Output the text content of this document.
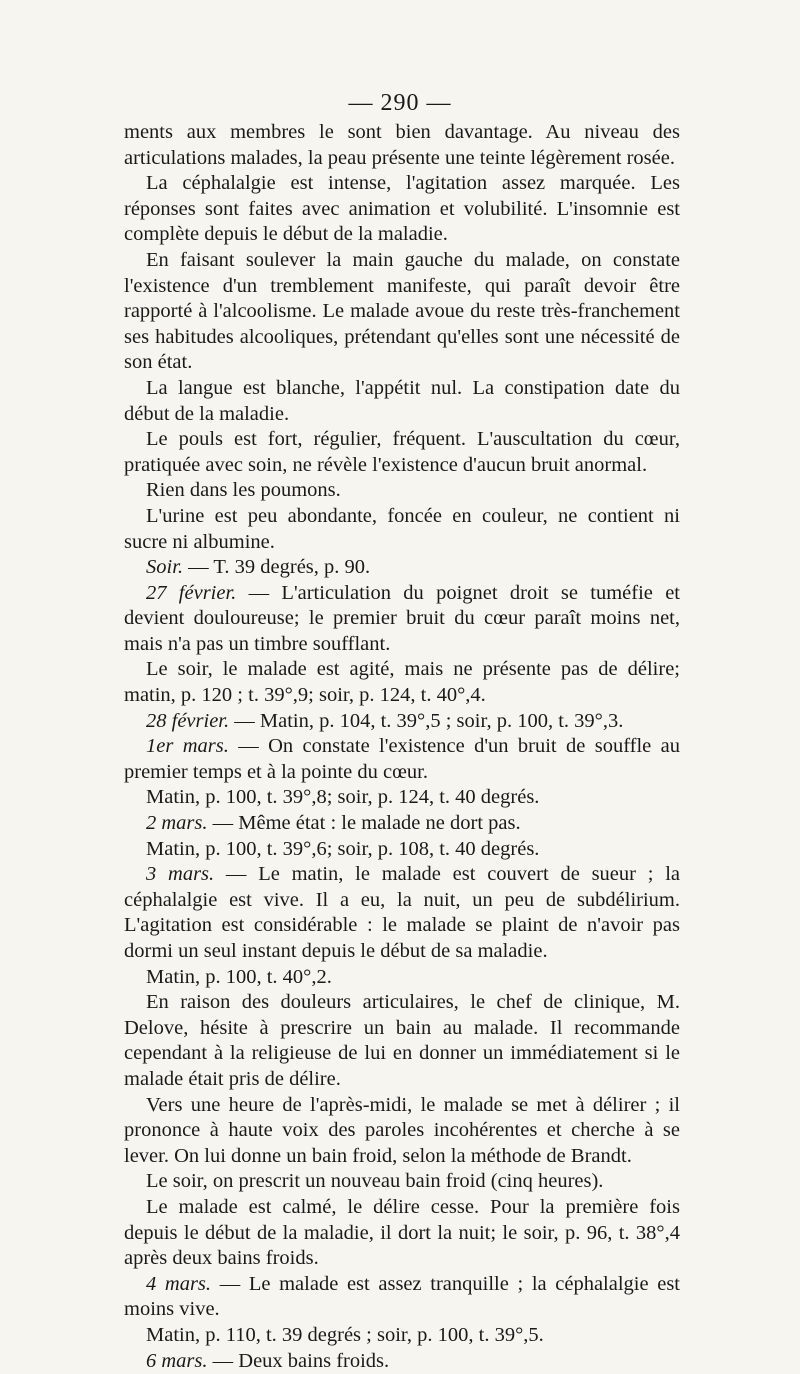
— 290 —

ments aux membres le sont bien davantage. Au niveau des articulations malades, la peau présente une teinte légèrement rosée.

La céphalalgie est intense, l'agitation assez marquée. Les réponses sont faites avec animation et volubilité. L'insomnie est complète depuis le début de la maladie.

En faisant soulever la main gauche du malade, on constate l'existence d'un tremblement manifeste, qui paraît devoir être rapporté à l'alcoolisme. Le malade avoue du reste très-franchement ses habitudes alcooliques, prétendant qu'elles sont une nécessité de son état.

La langue est blanche, l'appétit nul. La constipation date du début de la maladie.

Le pouls est fort, régulier, fréquent. L'auscultation du cœur, pratiquée avec soin, ne révèle l'existence d'aucun bruit anormal.

Rien dans les poumons.

L'urine est peu abondante, foncée en couleur, ne contient ni sucre ni albumine.

Soir. — T. 39 degrés, p. 90.

27 février. — L'articulation du poignet droit se tuméfie et devient douloureuse; le premier bruit du cœur paraît moins net, mais n'a pas un timbre soufflant.

Le soir, le malade est agité, mais ne présente pas de délire; matin, p. 120 ; t. 39°,9; soir, p. 124, t. 40°,4.

28 février. — Matin, p. 104, t. 39°,5 ; soir, p. 100, t. 39°,3.

1er mars. — On constate l'existence d'un bruit de souffle au premier temps et à la pointe du cœur.

Matin, p. 100, t. 39°,8; soir, p. 124, t. 40 degrés.

2 mars. — Même état : le malade ne dort pas.

Matin, p. 100, t. 39°,6; soir, p. 108, t. 40 degrés.

3 mars. — Le matin, le malade est couvert de sueur ; la céphalalgie est vive. Il a eu, la nuit, un peu de subdélirium. L'agitation est considérable : le malade se plaint de n'avoir pas dormi un seul instant depuis le début de sa maladie.

Matin, p. 100, t. 40°,2.

En raison des douleurs articulaires, le chef de clinique, M. Delove, hésite à prescrire un bain au malade. Il recommande cependant à la religieuse de lui en donner un immédiatement si le malade était pris de délire.

Vers une heure de l'après-midi, le malade se met à délirer ; il prononce à haute voix des paroles incohérentes et cherche à se lever. On lui donne un bain froid, selon la méthode de Brandt.

Le soir, on prescrit un nouveau bain froid (cinq heures).

Le malade est calmé, le délire cesse. Pour la première fois depuis le début de la maladie, il dort la nuit; le soir, p. 96, t. 38°,4 après deux bains froids.

4 mars. — Le malade est assez tranquille ; la céphalalgie est moins vive.

Matin, p. 110, t. 39 degrés ; soir, p. 100, t. 39°,5.

6 mars. — Deux bains froids.
